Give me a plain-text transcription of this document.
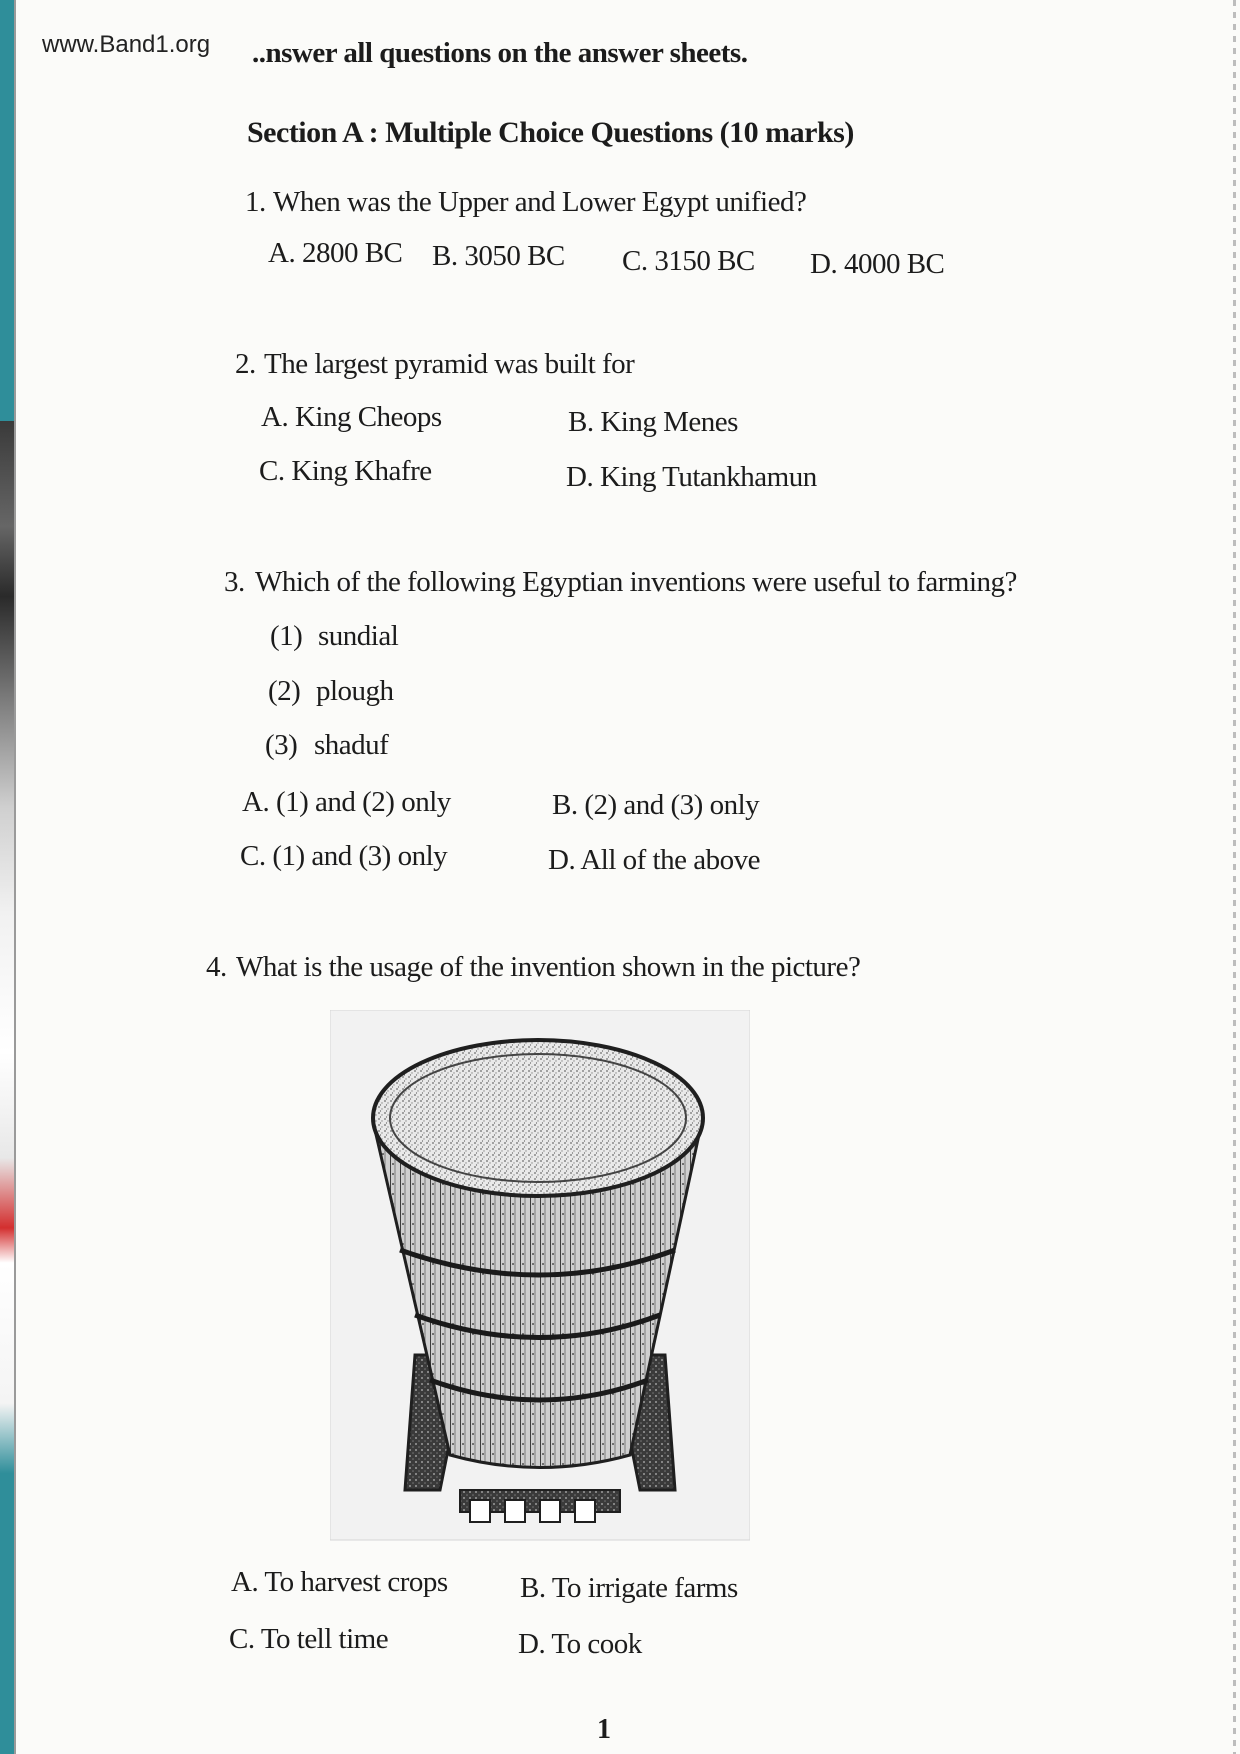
www.Band1.org ..nswer all questions on the answer sheets.
Section A : Multiple Choice Questions (10 marks)
1. When was the Upper and Lower Egypt unified?
A. 2800 BC B. 3050 BC C. 3150 BC D. 4000 BC
2. The largest pyramid was built for
A. King Cheops	B. King Menes
C. King Khafre	D. King Tutankhamun
3. Which of the following Egyptian inventions were useful to farming?
(1) sundial
(2) plough
(3) shaduf
A. (1) and (2) only	B. (2) and (3) only
C. (1) and (3) only	D. All of the above
4. What is the usage of the invention shown in the picture?
A. To harvest crops B. To irrigate farms
C. To tell time	D. To cook
1
